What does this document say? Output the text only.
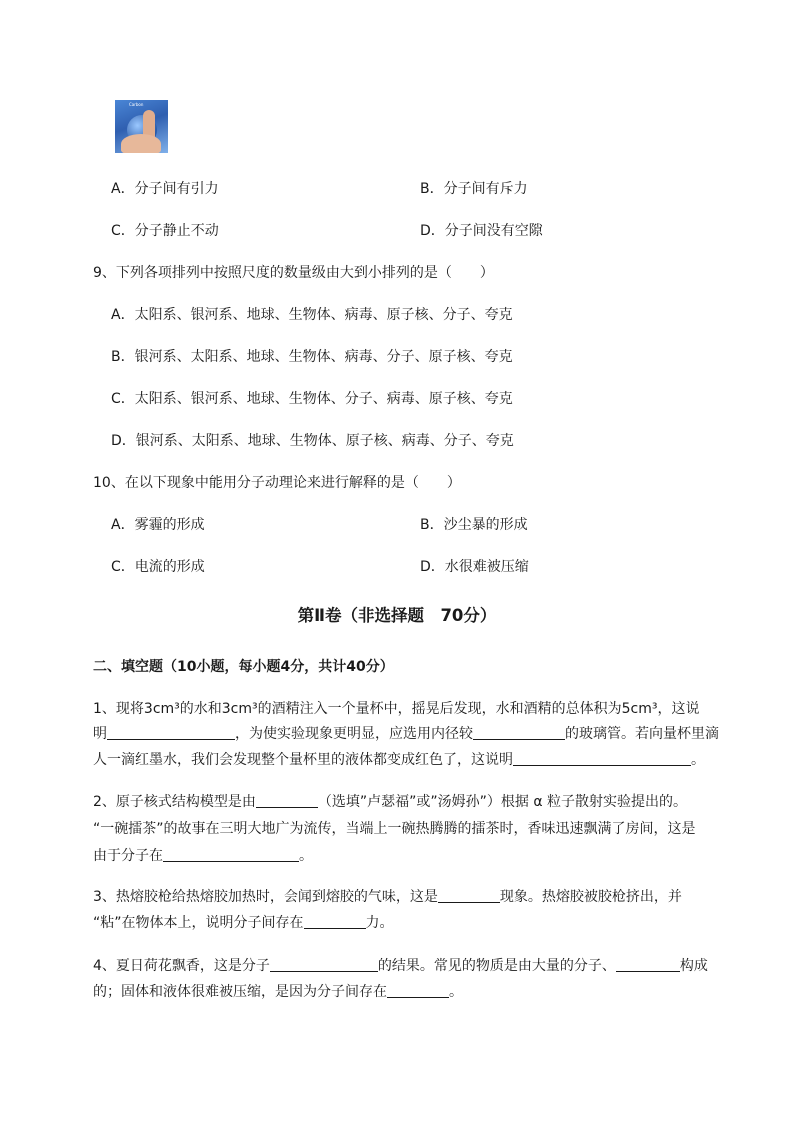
Carbon
A．分子间有引力	B．分子间有斥力
C．分子静止不动	D．分子间没有空隙
9、下列各项排列中按照尺度的数量级由大到小排列的是（　　）
A．太阳系、银河系、地球、生物体、病毒、原子核、分子、夸克
B．银河系、太阳系、地球、生物体、病毒、分子、原子核、夸克
C．太阳系、银河系、地球、生物体、分子、病毒、原子核、夸克
D．银河系、太阳系、地球、生物体、原子核、病毒、分子、夸克
10、在以下现象中能用分子动理论来进行解释的是（　　）
A．雾霾的形成	B．沙尘暴的形成
C．电流的形成	D．水很难被压缩
第Ⅱ卷（非选择题　70分）
二、填空题（10小题，每小题4分，共计40分）
1、现将3cm³的水和3cm³的酒精注入一个量杯中，摇晃后发现，水和酒精的总体积为5cm³，这说
明	，为使实验现象更明显，应选用内径较	的玻璃管。若向量杯里滴
人一滴红墨水，我们会发现整个量杯里的液体都变成红色了，这说明	。
2、原子核式结构模型是由	（选填”卢瑟福”或”汤姆孙”）根据 α 粒子散射实验提出的。
“一碗擂茶”的故事在三明大地广为流传，当端上一碗热腾腾的擂茶时，香味迅速飘满了房间，这是
由于分子在	。
3、热熔胶枪给热熔胶加热时，会闻到熔胶的气味，这是	现象。热熔胶被胶枪挤出，并
“粘”在物体本上，说明分子间存在	力。
4、夏日荷花飘香，这是分子	的结果。常见的物质是由大量的分子、	构成
的；固体和液体很难被压缩，是因为分子间存在	。
